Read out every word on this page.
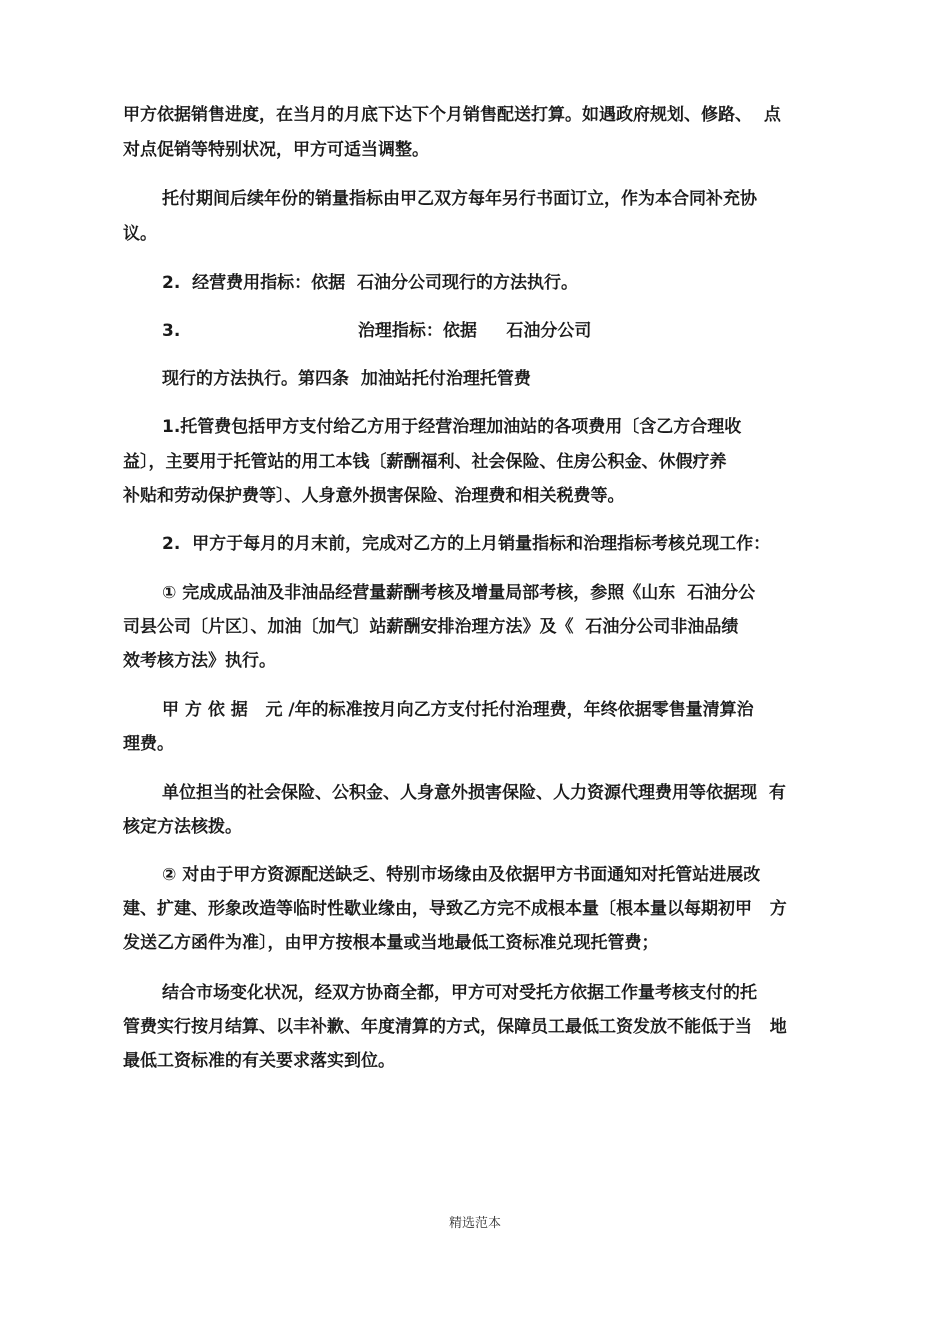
甲方依据销售进度，在当月的月底下达下个月销售配送打算。如遇政府规划、修路、  点
对点促销等特别状况，甲方可适当调整。
托付期间后续年份的销量指标由甲乙双方每年另行书面订立，作为本合同补充协
议。
2.  经营费用指标：依据  石油分公司现行的方法执行。
3.                              治理指标：依据     石油分公司
现行的方法执行。第四条  加油站托付治理托管费
1.托管费包括甲方支付给乙方用于经营治理加油站的各项费用〔含乙方合理收
益〕，主要用于托管站的用工本钱〔薪酬福利、社会保险、住房公积金、休假疗养
补贴和劳动保护费等〕、人身意外损害保险、治理费和相关税费等。
2.  甲方于每月的月末前，完成对乙方的上月销量指标和治理指标考核兑现工作：
① 完成成品油及非油品经营量薪酬考核及增量局部考核，参照《山东  石油分公
司县公司〔片区〕、加油〔加气〕站薪酬安排治理方法》及《  石油分公司非油品绩
效考核方法》执行。
甲 方 依 据   元 /年的标准按月向乙方支付托付治理费，年终依据零售量清算治
理费。
单位担当的社会保险、公积金、人身意外损害保险、人力资源代理费用等依据现  有
核定方法核拨。
② 对由于甲方资源配送缺乏、特别市场缘由及依据甲方书面通知对托管站进展改
建、扩建、形象改造等临时性歇业缘由，导致乙方完不成根本量〔根本量以每期初甲   方
发送乙方函件为准〕，由甲方按根本量或当地最低工资标准兑现托管费；
结合市场变化状况，经双方协商全都，甲方可对受托方依据工作量考核支付的托
管费实行按月结算、以丰补歉、年度清算的方式，保障员工最低工资发放不能低于当   地
最低工资标准的有关要求落实到位。
精选范本
